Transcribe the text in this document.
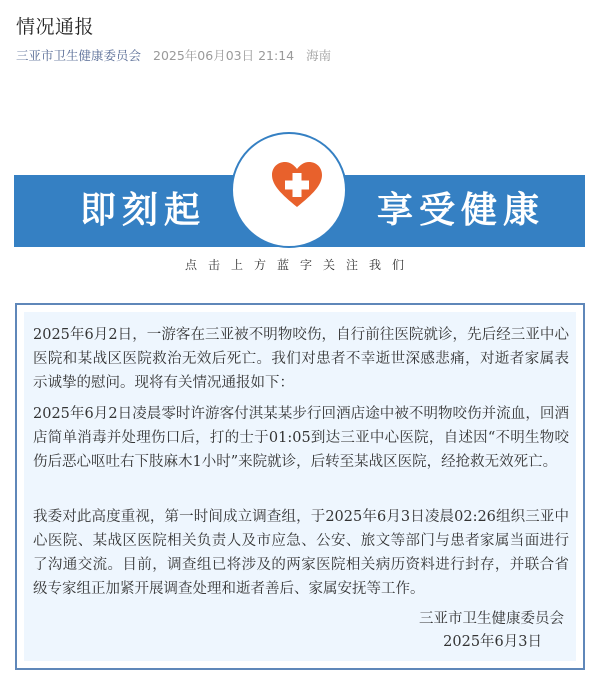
情况通报
三亚市卫生健康委员会 2025年06月03日 21:14 海南
即刻起	享受健康
点击上方蓝字关注我们
2025年6月2日，一游客在三亚被不明物咬伤，自行前往医院就诊，先后经三亚中心医院和某战区医院救治无效后死亡。我们对患者不幸逝世深感悲痛，对逝者家属表示诚挚的慰问。现将有关情况通报如下：
2025年6月2日凌晨零时许游客付淇某某步行回酒店途中被不明物咬伤并流血，回酒店简单消毒并处理伤口后，打的士于01:05到达三亚中心医院，自述因“不明生物咬伤后恶心呕吐右下肢麻木1小时”来院就诊，后转至某战区医院，经抢救无效死亡。
我委对此高度重视，第一时间成立调查组，于2025年6月3日凌晨02:26组织三亚中心医院、某战区医院相关负责人及市应急、公安、旅文等部门与患者家属当面进行了沟通交流。目前，调查组已将涉及的两家医院相关病历资料进行封存，并联合省级专家组正加紧开展调查处理和逝者善后、家属安抚等工作。
三亚市卫生健康委员会
2025年6月3日
